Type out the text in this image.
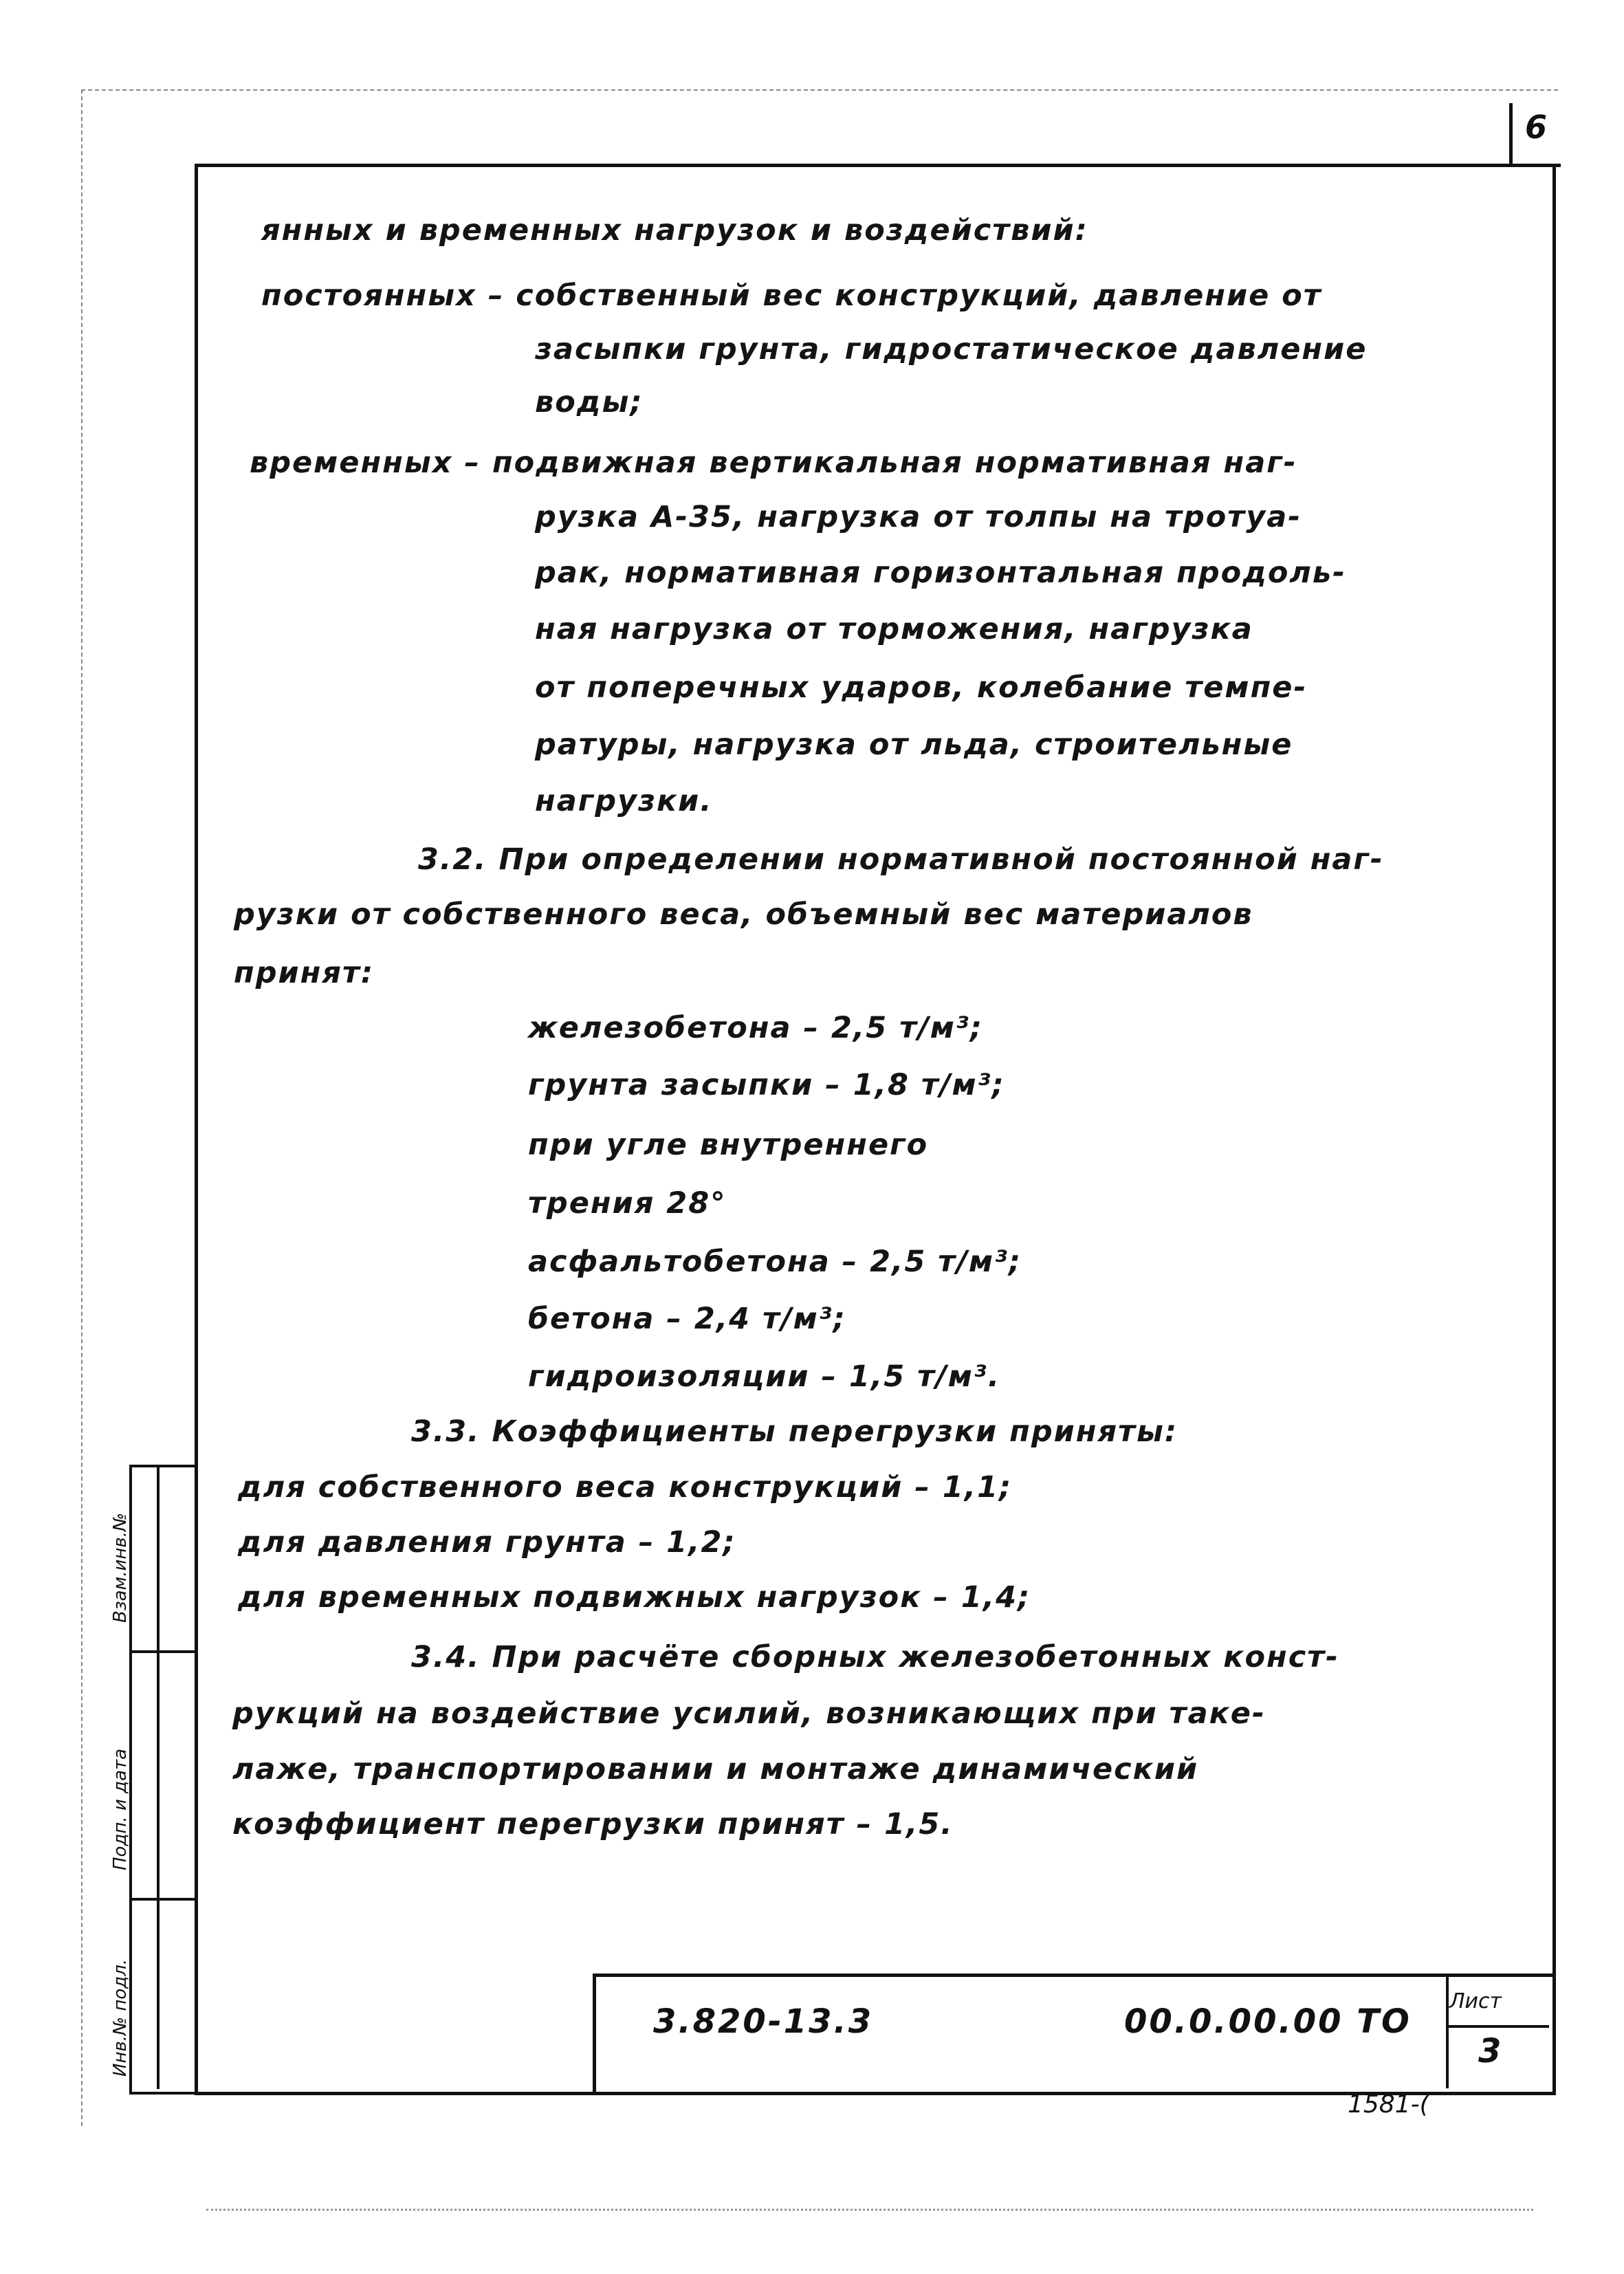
6
Взам.инв.№
Подп. и дата
Инв.№ подл.
янных и временных нагрузок и воздействий:
постоянных – собственный вес конструкций, давление от
засыпки грунта, гидростатическое давление
воды;
временных – подвижная вертикальная нормативная наг-
рузка А-35, нагрузка от толпы на тротуа-
рак, нормативная горизонтальная продоль-
ная нагрузка от торможения, нагрузка
от поперечных ударов, колебание темпе-
ратуры, нагрузка от льда, строительные
нагрузки.
3.2. При определении нормативной постоянной наг-
рузки от собственного веса, объемный вес материалов
принят:
железобетона – 2,5 т/м³;
грунта засыпки – 1,8 т/м³;
при угле внутреннего
трения 28°
асфальтобетона – 2,5 т/м³;
бетона – 2,4 т/м³;
гидроизоляции – 1,5 т/м³.
3.3. Коэффициенты перегрузки приняты:
для собственного веса конструкций – 1,1;
для давления грунта – 1,2;
для временных подвижных нагрузок – 1,4;
3.4. При расчёте сборных железобетонных конст-
рукций на воздействие усилий, возникающих при таке-
лаже, транспортировании и монтаже динамический
коэффициент перегрузки принят – 1,5.
3.820-13.3	00.0.00.00 ТО
Лист
3
1581-(
